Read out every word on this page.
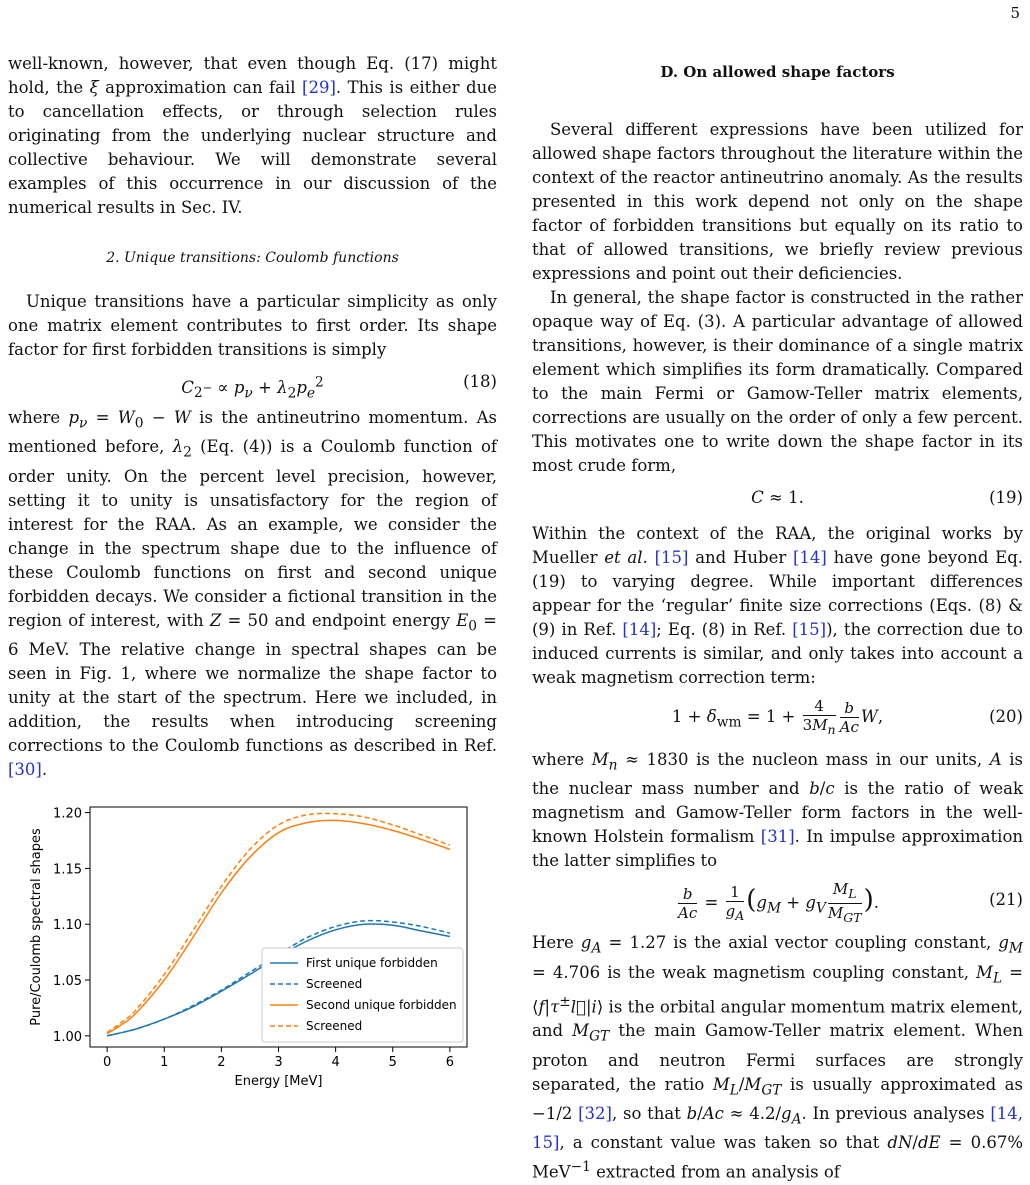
5

well-known, however, that even though Eq. (17) might hold, the ξ approximation can fail [29]. This is either due to cancellation effects, or through selection rules originating from the underlying nuclear structure and collective behaviour. We will demonstrate several examples of this occurrence in our discussion of the numerical results in Sec. IV.

2. Unique transitions: Coulomb functions

Unique transitions have a particular simplicity as only one matrix element contributes to first order. Its shape factor for first forbidden transitions is simply

$C_{2^-} \propto p_\nu + \lambda_2p_e^2$	(18)

where $p_\nu = W_0 - W$ is the antineutrino momentum. As mentioned before, $\lambda_2$ (Eq. (4)) is a Coulomb function of order unity. On the percent level precision, however, setting it to unity is unsatisfactory for the region of interest for the RAA. As an example, we consider the change in the spectrum shape due to the influence of these Coulomb functions on first and second unique forbidden decays. We consider a fictional transition in the region of interest, with Z = 50 and endpoint energy $E_0 = 6$ MeV. The relative change in spectral shapes can be seen in Fig. 1, where we normalize the shape factor to unity at the start of the spectrum. Here we included, in addition, the results when introducing screening corrections to the Coulomb functions as described in Ref. [30].

0	1	2	3	4	5	6
1.00
1.05
1.10
1.15
1.20
Energy [MeV]
Pure/Coulomb spectral shapes	First unique forbidden
Screened
Second unique forbidden
Screened
D. On allowed shape factors

Several different expressions have been utilized for allowed shape factors throughout the literature within the context of the reactor antineutrino anomaly. As the results presented in this work depend not only on the shape factor of forbidden transitions but equally on its ratio to that of allowed transitions, we briefly review previous expressions and point out their deficiencies.

In general, the shape factor is constructed in the rather opaque way of Eq. (3). A particular advantage of allowed transitions, however, is their dominance of a single matrix element which simplifies its form dramatically. Compared to the main Fermi or Gamow-Teller matrix elements, corrections are usually on the order of only a few percent. This motivates one to write down the shape factor in its most crude form,

C ≈ 1.	(19)

Within the context of the RAA, the original works by Mueller et al. [15] and Huber [14] have gone beyond Eq. (19) to varying degree. While important differences appear for the ‘regular’ finite size corrections (Eqs. (8) & (9) in Ref. [14]; Eq. (8) in Ref. [15]), the correction due to induced currents is similar, and only takes into account a weak magnetism correction term:

$1 + \delta_{wm} = 1 + \frac{4}{3M_n} \frac{b}{Ac} W$,	(20)

where $M_n \approx 1830$ is the nucleon mass in our units, A is the nuclear mass number and b/c is the ratio of weak magnetism and Gamow-Teller form factors in the well-known Holstein formalism [31]. In impulse approximation the latter simplifies to

$\frac{b}{Ac} = \frac{1}{g_A} (g_M + g_V \frac{M_L}{M_{GT}}$ ).	(21)

Here $g_A = 1.27$ is the axial vector coupling constant, $g_M = 4.706$ is the weak magnetism coupling constant, $M_L$ = ⟨f|τ±l⃗|i⟩ is the orbital angular momentum matrix element, and $M_{GT}$ the main Gamow-Teller matrix element. When proton and neutron Fermi surfaces are strongly separated, the ratio $M_L/M_{GT}$ is usually approximated as −1/2 [32], so that $b/Ac \approx 4.2/g_A$. In previous analyses [14, 15], a constant value was taken so that dN/dE = 0.67% MeV$^{-1}$ extracted from an analysis of
